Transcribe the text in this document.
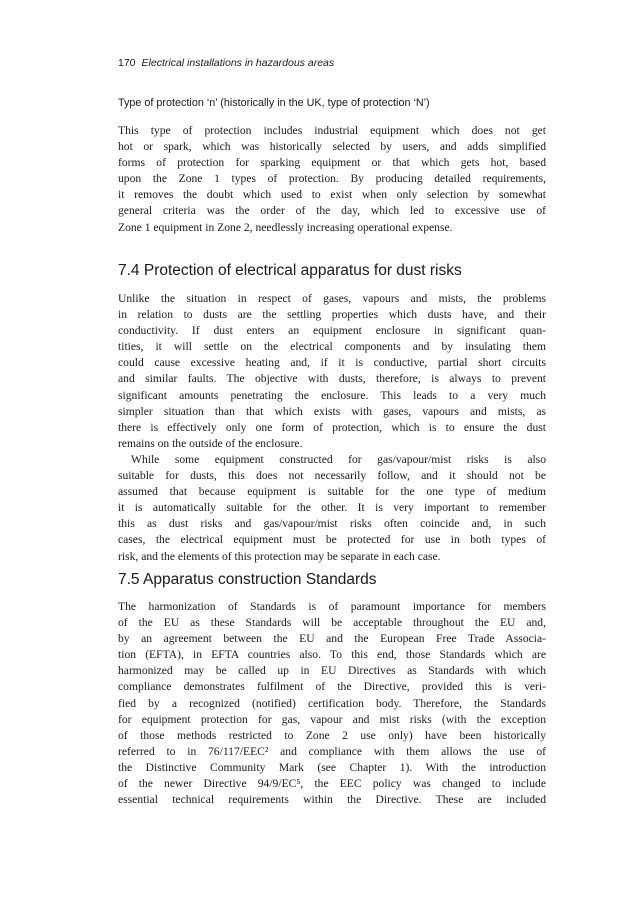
170 Electrical installations in hazardous areas
Type of protection ‘n’ (historically in the UK, type of protection ‘N’)
This type of protection includes industrial equipment which does not get
hot or spark, which was historically selected by users, and adds simplified
forms of protection for sparking equipment or that which gets hot, based
upon the Zone 1 types of protection. By producing detailed requirements,
it removes the doubt which used to exist when only selection by somewhat
general criteria was the order of the day, which led to excessive use of
Zone 1 equipment in Zone 2, needlessly increasing operational expense.
7.4 Protection of electrical apparatus for dust risks
Unlike the situation in respect of gases, vapours and mists, the problems
in relation to dusts are the settling properties which dusts have, and their
conductivity. If dust enters an equipment enclosure in significant quan-
tities, it will settle on the electrical components and by insulating them
could cause excessive heating and, if it is conductive, partial short circuits
and similar faults. The objective with dusts, therefore, is always to prevent
significant amounts penetrating the enclosure. This leads to a very much
simpler situation than that which exists with gases, vapours and mists, as
there is effectively only one form of protection, which is to ensure the dust
remains on the outside of the enclosure.
While some equipment constructed for gas/vapour/mist risks is also
suitable for dusts, this does not necessarily follow, and it should not be
assumed that because equipment is suitable for the one type of medium
it is automatically suitable for the other. It is very important to remember
this as dust risks and gas/vapour/mist risks often coincide and, in such
cases, the electrical equipment must be protected for use in both types of
risk, and the elements of this protection may be separate in each case.
7.5 Apparatus construction Standards
The harmonization of Standards is of paramount importance for members
of the EU as these Standards will be acceptable throughout the EU and,
by an agreement between the EU and the European Free Trade Associa-
tion (EFTA), in EFTA countries also. To this end, those Standards which are
harmonized may be called up in EU Directives as Standards with which
compliance demonstrates fulfilment of the Directive, provided this is veri-
fied by a recognized (notified) certification body. Therefore, the Standards
for equipment protection for gas, vapour and mist risks (with the exception
of those methods restricted to Zone 2 use only) have been historically
referred to in 76/117/EEC² and compliance with them allows the use of
the Distinctive Community Mark (see Chapter 1). With the introduction
of the newer Directive 94/9/EC⁵, the EEC policy was changed to include
essential technical requirements within the Directive. These are included
